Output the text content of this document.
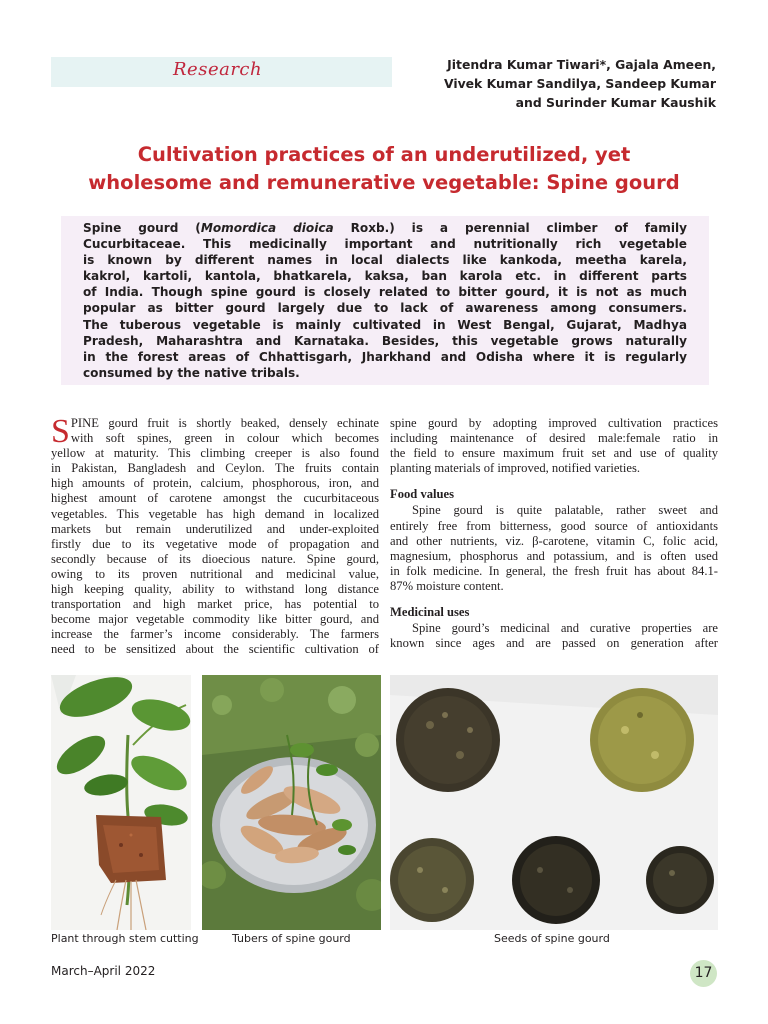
Research	Jitendra Kumar Tiwari*, Gajala Ameen,
Vivek Kumar Sandilya, Sandeep Kumar
and Surinder Kumar Kaushik
Cultivation practices of an underutilized, yet
wholesome and remunerative vegetable: Spine gourd
Spine gourd (Momordica dioica Roxb.) is a perennial climber of family
Cucurbitaceae. This medicinally important and nutritionally rich vegetable
is known by different names in local dialects like kankoda, meetha karela,
kakrol, kartoli, kantola, bhatkarela, kaksa, ban karola etc. in different parts
of India. Though spine gourd is closely related to bitter gourd, it is not as much
popular as bitter gourd largely due to lack of awareness among consumers.
The tuberous vegetable is mainly cultivated in West Bengal, Gujarat, Madhya
Pradesh, Maharashtra and Karnataka. Besides, this vegetable grows naturally
in the forest areas of Chhattisgarh, Jharkhand and Odisha where it is regularly
consumed by the native tribals.
S PINE gourd fruit is shortly beaked, densely echinate
with soft spines, green in colour which becomes
yellow at maturity. This climbing creeper is also found
in Pakistan, Bangladesh and Ceylon. The fruits contain
high amounts of protein, calcium, phosphorous, iron, and
highest amount of carotene amongst the cucurbitaceous
vegetables. This vegetable has high demand in localized
markets but remain underutilized and under-exploited
firstly due to its vegetative mode of propagation and
secondly because of its dioecious nature. Spine gourd,
owing to its proven nutritional and medicinal value,
high keeping quality, ability to withstand long distance
transportation and high market price, has potential to
become major vegetable commodity like bitter gourd, and
increase the farmer’s income considerably. The farmers
need to be sensitized about the scientific cultivation of
spine gourd by adopting improved cultivation practices
including maintenance of desired male:female ratio in
the field to ensure maximum fruit set and use of quality
planting materials of improved, notified varieties.
Food values
Spine gourd is quite palatable, rather sweet and
entirely free from bitterness, good source of antioxidants
and other nutrients, viz. β-carotene, vitamin C, folic acid,
magnesium, phosphorus and potassium, and is often used
in folk medicine. In general, the fresh fruit has about 84.1-
87% moisture content.
Medicinal uses
Spine gourd’s medicinal and curative properties are
known since ages and are passed on generation after
Plant through stem cutting	Tubers of spine gourd	Seeds of spine gourd
March–April 2022	17
